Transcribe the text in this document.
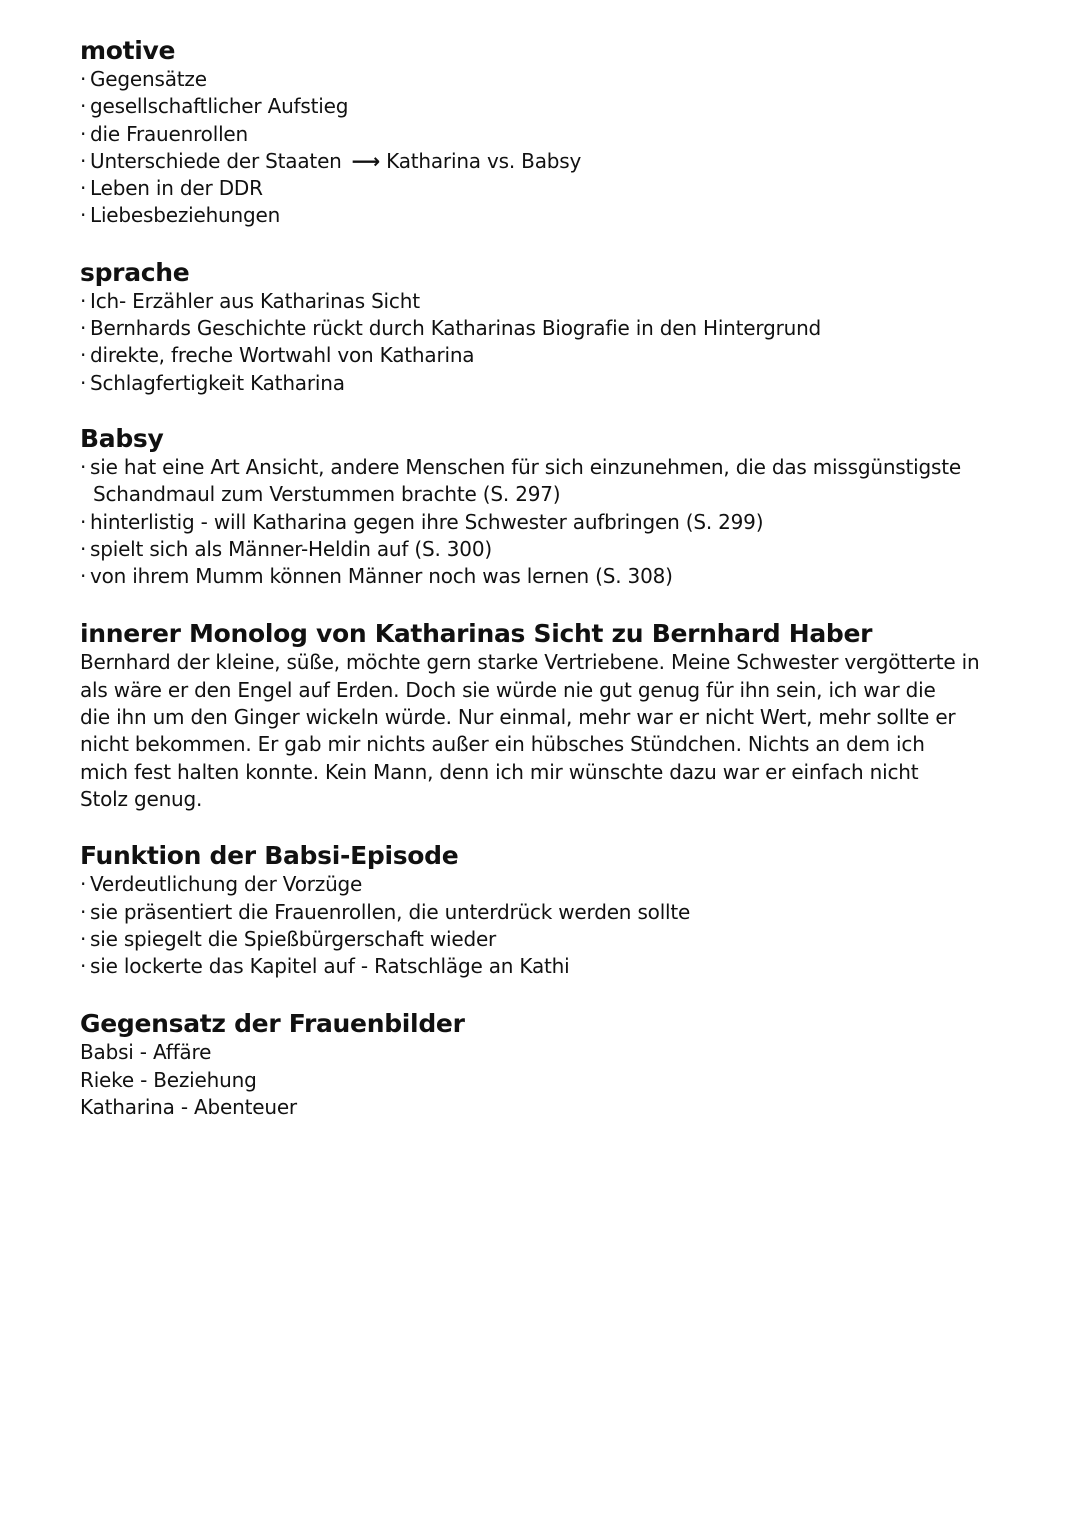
motive
· Gegensätze
· gesellschaftlicher Aufstieg
· die Frauenrollen
· Unterschiede der Staaten ⟶ Katharina vs. Babsy
· Leben in der DDR
· Liebesbeziehungen
sprache
· Ich- Erzähler aus Katharinas Sicht
· Bernhards Geschichte rückt durch Katharinas Biografie in den Hintergrund
· direkte, freche Wortwahl von Katharina
· Schlagfertigkeit Katharina
Babsy
· sie hat eine Art Ansicht, andere Menschen für sich einzunehmen, die das missgünstigste
Schandmaul zum Verstummen brachte (S. 297)
· hinterlistig - will Katharina gegen ihre Schwester aufbringen (S. 299)
· spielt sich als Männer-Heldin auf (S. 300)
· von ihrem Mumm können Männer noch was lernen (S. 308)
innerer Monolog von Katharinas Sicht zu Bernhard Haber
Bernhard der kleine, süße, möchte gern starke Vertriebene. Meine Schwester vergötterte in
als wäre er den Engel auf Erden. Doch sie würde nie gut genug für ihn sein, ich war die
die ihn um den Ginger wickeln würde. Nur einmal, mehr war er nicht Wert, mehr sollte er
nicht bekommen. Er gab mir nichts außer ein hübsches Stündchen. Nichts an dem ich
mich fest halten konnte. Kein Mann, denn ich mir wünschte dazu war er einfach nicht
Stolz genug.
Funktion der Babsi-Episode
· Verdeutlichung der Vorzüge
· sie präsentiert die Frauenrollen, die unterdrück werden sollte
· sie spiegelt die Spießbürgerschaft wieder
· sie lockerte das Kapitel auf - Ratschläge an Kathi
Gegensatz der Frauenbilder
Babsi - Affäre
Rieke - Beziehung
Katharina - Abenteuer
